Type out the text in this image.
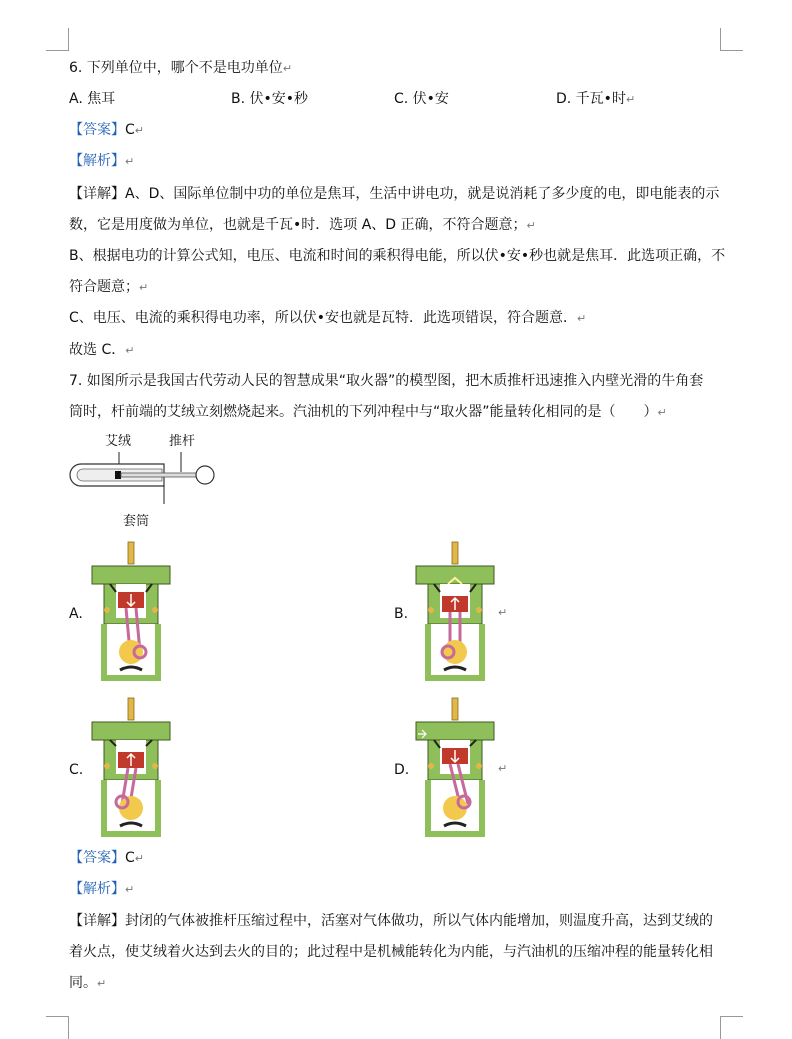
6. 下列单位中，哪个不是电功单位↵
A. 焦耳	B. 伏•安•秒	C. 伏•安	D. 千瓦•时↵
【答案】C↵
【解析】↵
【详解】A、D、国际单位制中功的单位是焦耳，生活中讲电功，就是说消耗了多少度的电，即电能表的示
数，它是用度做为单位，也就是千瓦•时．选项 A、D 正确，不符合题意；↵
B、根据电功的计算公式知，电压、电流和时间的乘积得电能，所以伏•安•秒也就是焦耳．此选项正确，不
符合题意；↵
C、电压、电流的乘积得电功率，所以伏•安也就是瓦特．此选项错误，符合题意．↵
故选 C．↵
7. 如图所示是我国古代劳动人民的智慧成果“取火器”的模型图，把木质推杆迅速推入内壁光滑的牛角套
筒时，杆前端的艾绒立刻燃烧起来。汽油机的下列冲程中与“取火器”能量转化相同的是（　　）↵
艾绒	推杆
套筒
A.	B.	↵
C.	D.	↵
【答案】C↵
【解析】↵
【详解】封闭的气体被推杆压缩过程中，活塞对气体做功，所以气体内能增加，则温度升高，达到艾绒的
着火点，使艾绒着火达到去火的目的；此过程中是机械能转化为内能，与汽油机的压缩冲程的能量转化相
同。↵
